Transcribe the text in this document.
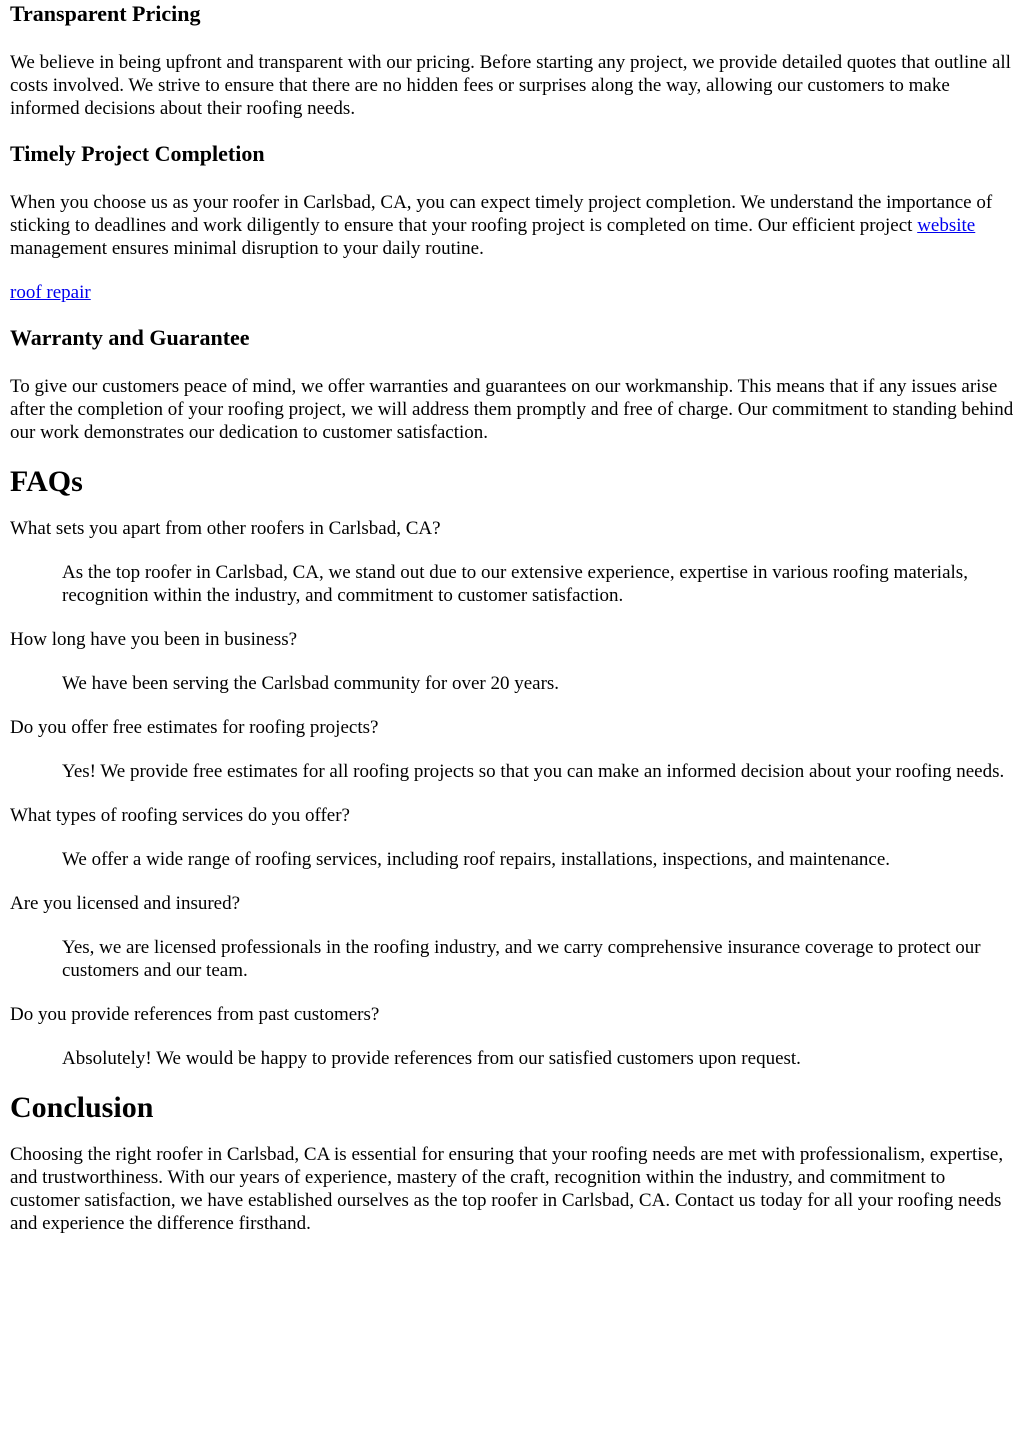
Transparent Pricing

We believe in being upfront and transparent with our pricing. Before starting any project, we provide detailed quotes that outline all costs involved. We strive to ensure that there are no hidden fees or surprises along the way, allowing our customers to make informed decisions about their roofing needs.

Timely Project Completion

When you choose us as your roofer in Carlsbad, CA, you can expect timely project completion. We understand the importance of sticking to deadlines and work diligently to ensure that your roofing project is completed on time. Our efficient project website management ensures minimal disruption to your daily routine.

roof repair

Warranty and Guarantee

To give our customers peace of mind, we offer warranties and guarantees on our workmanship. This means that if any issues arise after the completion of your roofing project, we will address them promptly and free of charge. Our commitment to standing behind our work demonstrates our dedication to customer satisfaction.

FAQs
What sets you apart from other roofers in Carlsbad, CA?
As the top roofer in Carlsbad, CA, we stand out due to our extensive experience, expertise in various roofing materials, recognition within the industry, and commitment to customer satisfaction.
How long have you been in business?
We have been serving the Carlsbad community for over 20 years.
Do you offer free estimates for roofing projects?
Yes! We provide free estimates for all roofing projects so that you can make an informed decision about your roofing needs.
What types of roofing services do you offer?
We offer a wide range of roofing services, including roof repairs, installations, inspections, and maintenance.
Are you licensed and insured?
Yes, we are licensed professionals in the roofing industry, and we carry comprehensive insurance coverage to protect our customers and our team.
Do you provide references from past customers?
Absolutely! We would be happy to provide references from our satisfied customers upon request.
Conclusion

Choosing the right roofer in Carlsbad, CA is essential for ensuring that your roofing needs are met with professionalism, expertise, and trustworthiness. With our years of experience, mastery of the craft, recognition within the industry, and commitment to customer satisfaction, we have established ourselves as the top roofer in Carlsbad, CA. Contact us today for all your roofing needs and experience the difference firsthand.
